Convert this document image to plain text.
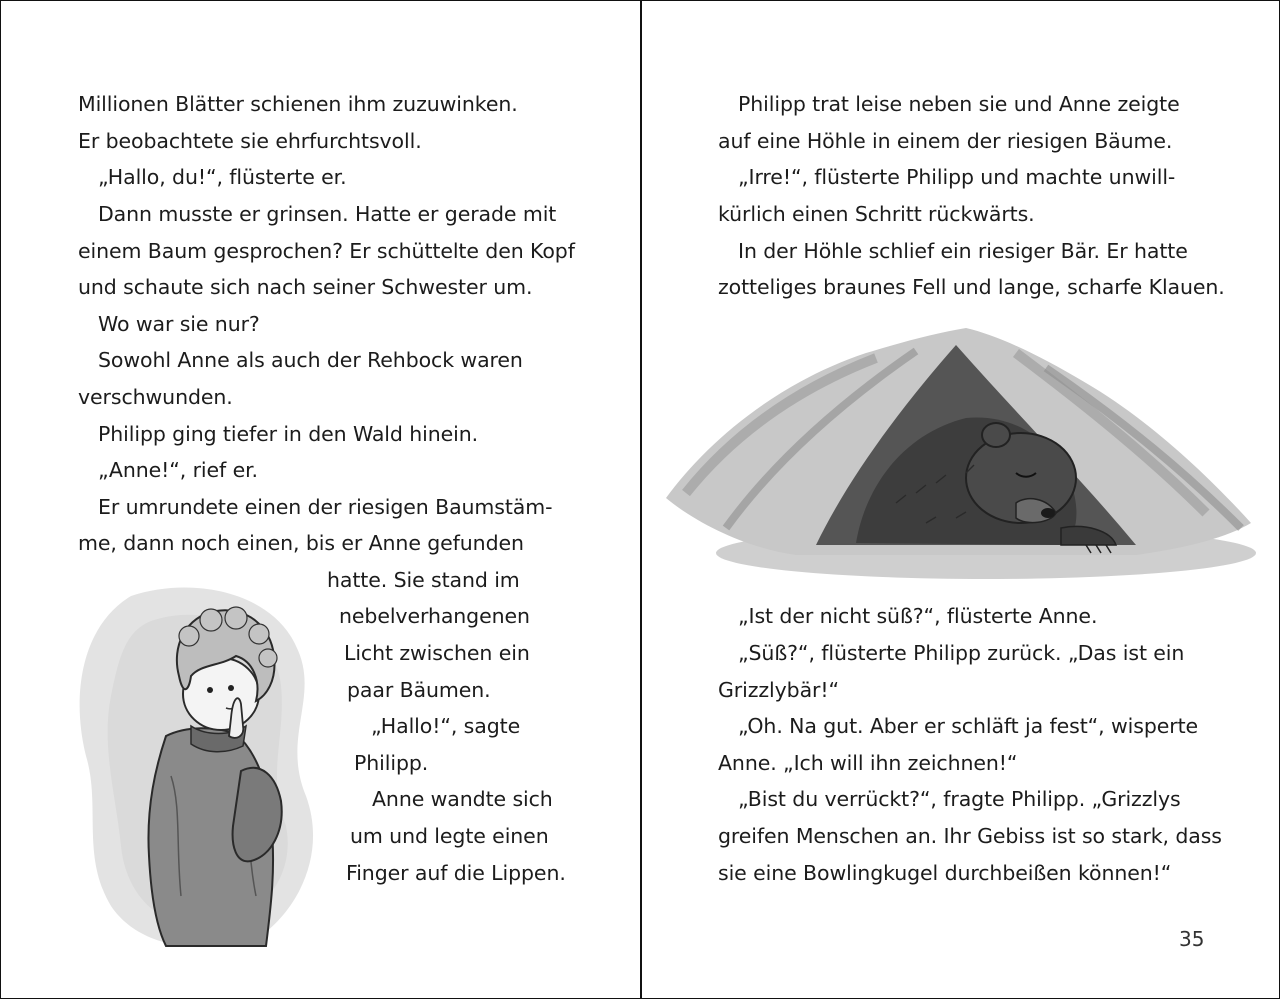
Millionen Blätter schienen ihm zuzuwinken.
Er beobachtete sie ehrfurchtsvoll.
„Hallo, du!“, flüsterte er.
Dann musste er grinsen. Hatte er gerade mit
einem Baum gesprochen? Er schüttelte den Kopf
und schaute sich nach seiner Schwester um.
Wo war sie nur?
Sowohl Anne als auch der Rehbock waren
verschwunden.
Philipp ging tiefer in den Wald hinein.
„Anne!“, rief er.
Er umrundete einen der riesigen Baumstäm-
me, dann noch einen, bis er Anne gefunden
hatte. Sie stand im
nebelverhangenen
Licht zwischen ein
paar Bäumen.
„Hallo!“, sagte
Philipp.
Anne wandte sich
um und legte einen
Finger auf die Lippen.
Philipp trat leise neben sie und Anne zeigte
auf eine Höhle in einem der riesigen Bäume.
„Irre!“, flüsterte Philipp und machte unwill-
kürlich einen Schritt rückwärts.
In der Höhle schlief ein riesiger Bär. Er hatte
zotteliges braunes Fell und lange, scharfe Klauen.
„Ist der nicht süß?“, flüsterte Anne.
„Süß?“, flüsterte Philipp zurück. „Das ist ein
Grizzlybär!“
„Oh. Na gut. Aber er schläft ja fest“, wisperte
Anne. „Ich will ihn zeichnen!“
„Bist du verrückt?“, fragte Philipp. „Grizzlys
greifen Menschen an. Ihr Gebiss ist so stark, dass
sie eine Bowlingkugel durchbeißen können!“
35
